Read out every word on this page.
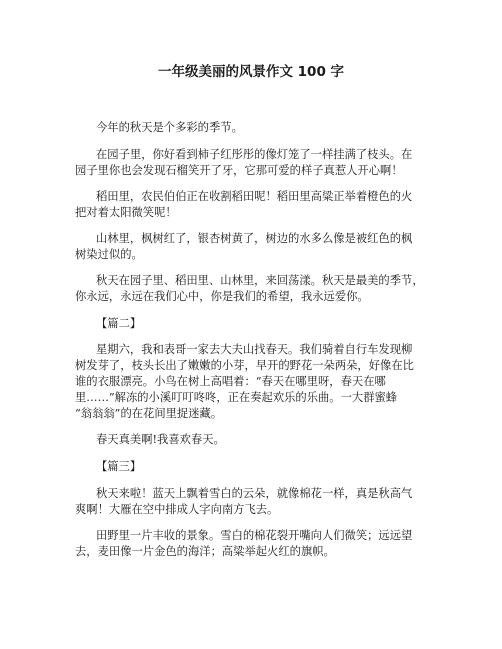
一年级美丽的风景作文 100 字

今年的秋天是个多彩的季节。

在园子里，你好看到柿子红彤彤的像灯笼了一样挂满了枝头。在

园子里你也会发现石榴笑开了牙，它那可爱的样子真惹人开心啊！

稻田里，农民伯伯正在收割稻田呢！稻田里高粱正举着橙色的火

把对着太阳微笑呢！

山林里，枫树红了，银杏树黄了，树边的水多么像是被红色的枫

树染过似的。

秋天在园子里、稻田里、山林里，来回荡漾。秋天是最美的季节，

你永远，永远在我们心中，你是我们的希望，我永远爱你。

【篇二】

星期六，我和表哥一家去大夫山找春天。我们骑着自行车发现柳

树发芽了，枝头长出了嫩嫩的小芽，早开的野花一朵两朵，好像在比

谁的衣服漂亮。小鸟在树上高唱着：“春天在哪里呀，春天在哪

里……”解冻的小溪叮叮咚咚，正在奏起欢乐的乐曲。一大群蜜蜂

“翁翁翁”的在花间里捉迷藏。

春天真美啊!我喜欢春天。

【篇三】

秋天来啦！蓝天上飘着雪白的云朵，就像棉花一样，真是秋高气

爽啊！大雁在空中排成人字向南方飞去。

田野里一片丰收的景象。雪白的棉花裂开嘴向人们微笑；远远望

去，麦田像一片金色的海洋；高粱举起火红的旗帜。
